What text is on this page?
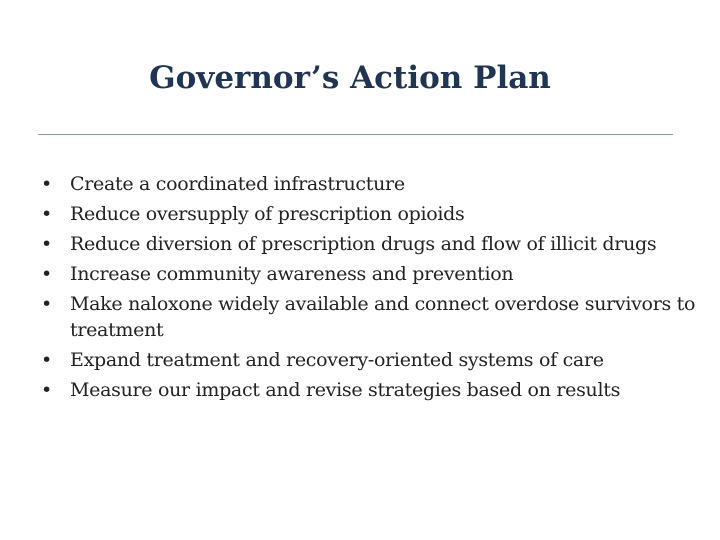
Governor’s Action Plan
• Create a coordinated infrastructure
• Reduce oversupply of prescription opioids
• Reduce diversion of prescription drugs and flow of illicit drugs
• Increase community awareness and prevention
• Make naloxone widely available and connect overdose survivors to treatment
• Expand treatment and recovery-oriented systems of care
• Measure our impact and revise strategies based on results
